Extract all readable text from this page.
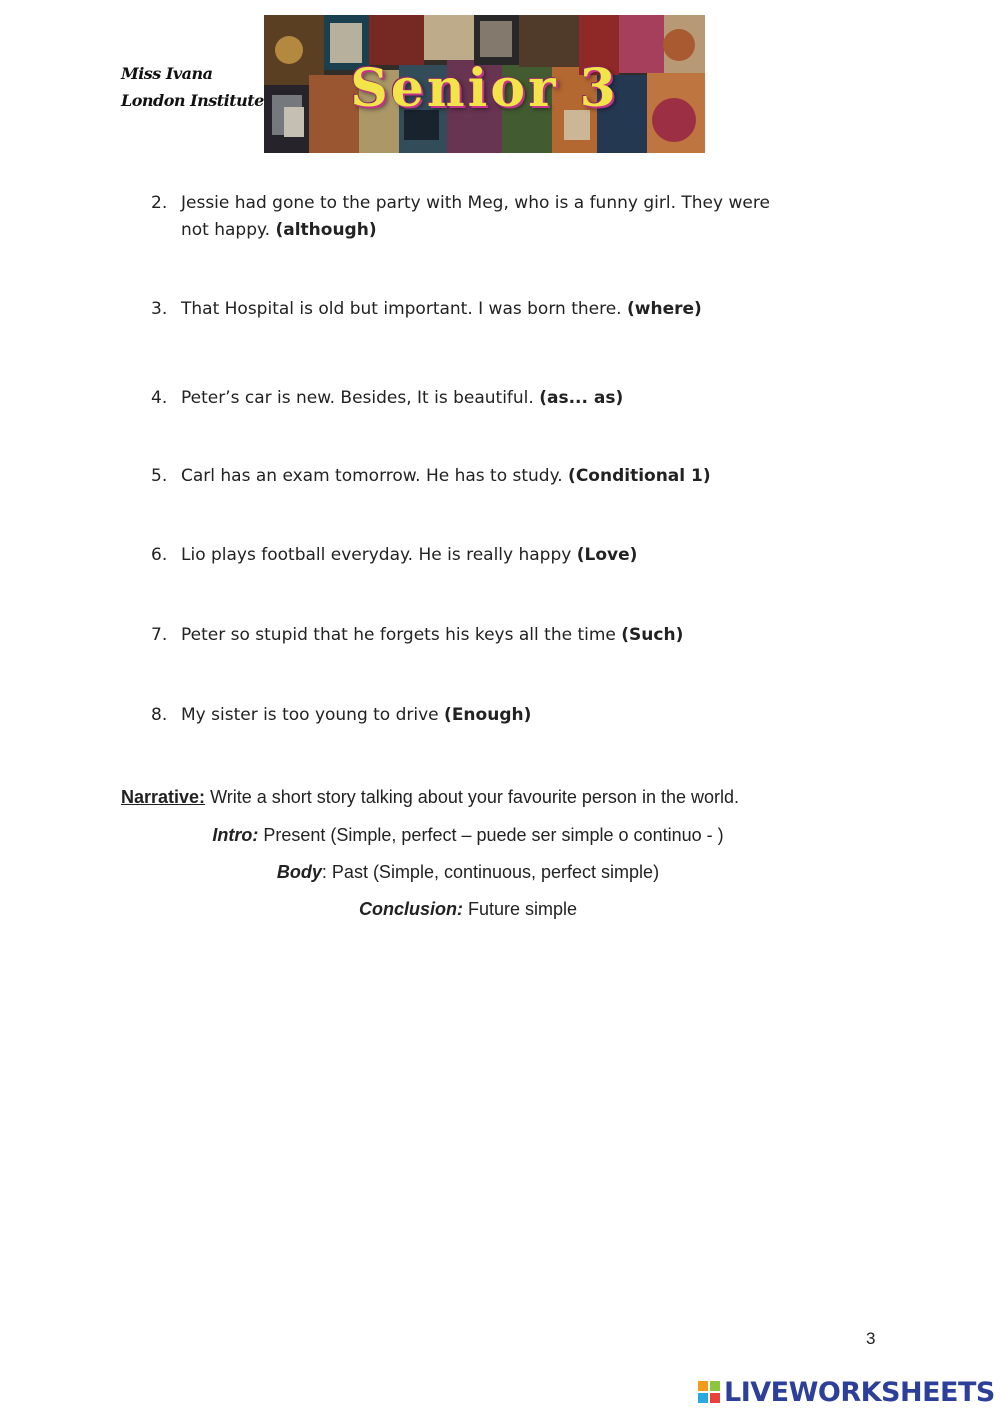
Miss Ivana
London Institute	Senior 3
2. Jessie had gone to the party with Meg, who is a funny girl. They were not happy. (although)
3. That Hospital is old but important. I was born there. (where)
4. Peter’s car is new. Besides, It is beautiful. (as... as)
5. Carl has an exam tomorrow. He has to study. (Conditional 1)
6. Lio plays football everyday. He is really happy (Love)
7. Peter so stupid that he forgets his keys all the time (Such)
8. My sister is too young to drive (Enough)
Narrative: Write a short story talking about your favourite person in the world.
Intro: Present (Simple, perfect – puede ser simple o continuo - )
Body: Past (Simple, continuous, perfect simple)
Conclusion: Future simple
3
LIVEWORKSHEETS
